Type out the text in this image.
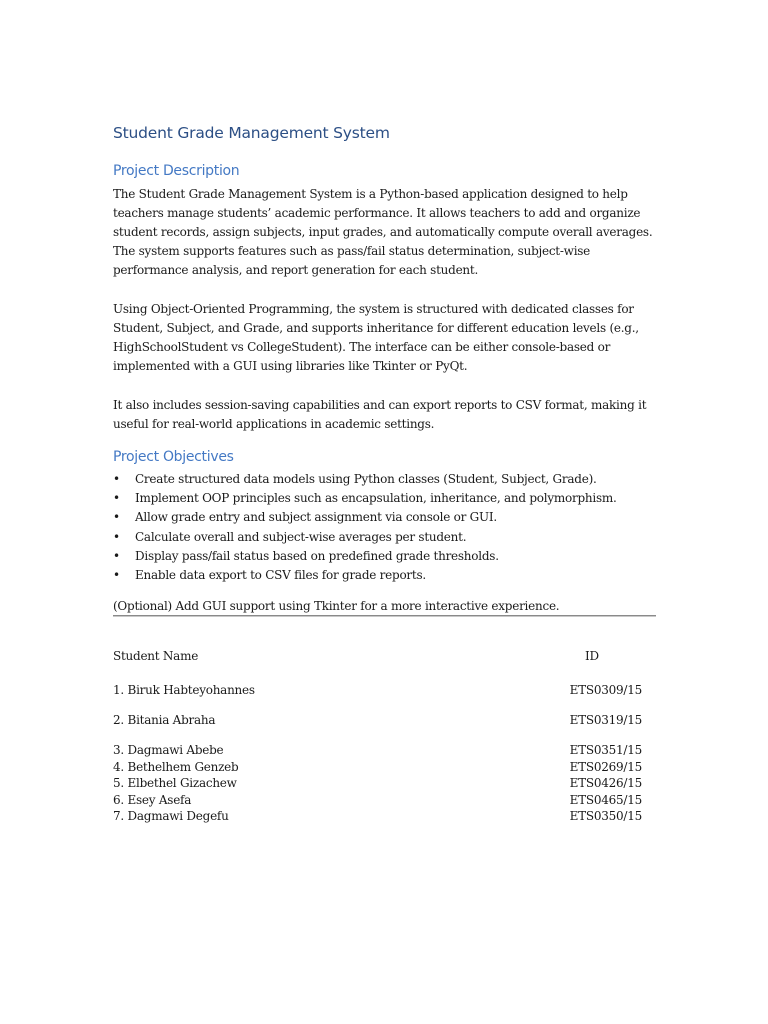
Student Grade Management System
Project Description

The Student Grade Management System is a Python-based application designed to help teachers manage students’ academic performance. It allows teachers to add and organize student records, assign subjects, input grades, and automatically compute overall averages. The system supports features such as pass/fail status determination, subject-wise performance analysis, and report generation for each student.

Using Object-Oriented Programming, the system is structured with dedicated classes for Student, Subject, and Grade, and supports inheritance for different education levels (e.g., HighSchoolStudent vs CollegeStudent). The interface can be either console-based or implemented with a GUI using libraries like Tkinter or PyQt.

It also includes session-saving capabilities and can export reports to CSV format, making it useful for real-world applications in academic settings.

Project Objectives
• Create structured data models using Python classes (Student, Subject, Grade).
• Implement OOP principles such as encapsulation, inheritance, and polymorphism.
• Allow grade entry and subject assignment via console or GUI.
• Calculate overall and subject-wise averages per student.
• Display pass/fail status based on predefined grade thresholds.
• Enable data export to CSV files for grade reports.

(Optional) Add GUI support using Tkinter for a more interactive experience.

Student Name	ID
1. Biruk Habteyohannes	ETS0309/15
2. Bitania Abraha	ETS0319/15
3. Dagmawi Abebe	ETS0351/15
4. Bethelhem Genzeb	ETS0269/15
5. Elbethel Gizachew	ETS0426/15
6. Esey Asefa	ETS0465/15
7. Dagmawi Degefu	ETS0350/15
